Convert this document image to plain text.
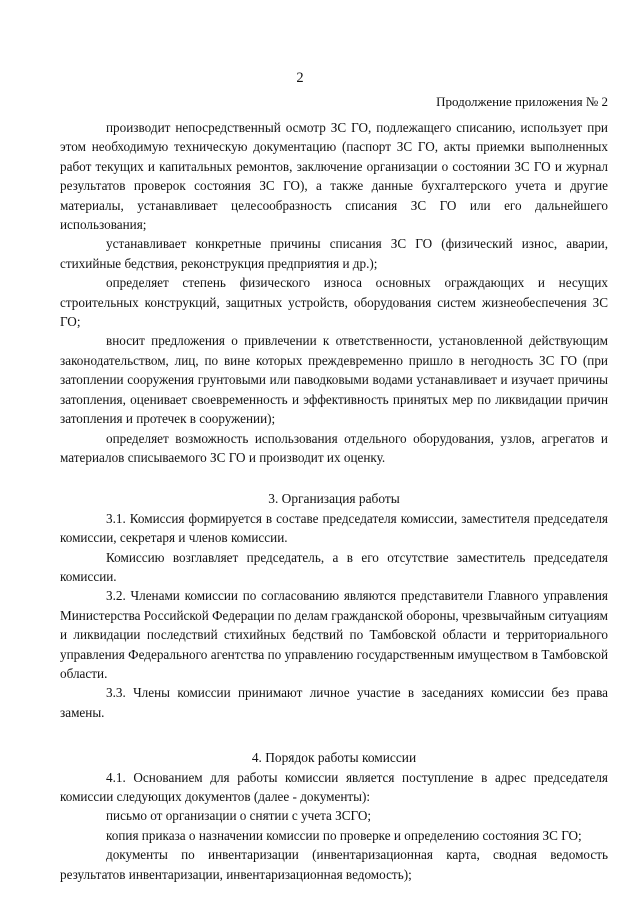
2
Продолжение приложения № 2

производит непосредственный осмотр ЗС ГО, подлежащего списанию, использует при этом необходимую техническую документацию (паспорт ЗС ГО, акты приемки выполненных работ текущих и капитальных ремонтов, заключение организации о состоянии ЗС ГО и журнал результатов проверок состояния ЗС ГО), а также данные бухгалтерского учета и другие материалы, устанавливает целесообразность списания ЗС ГО или его дальнейшего использования;

устанавливает конкретные причины списания ЗС ГО (физический износ, аварии, стихийные бедствия, реконструкция предприятия и др.);

определяет степень физического износа основных ограждающих и несущих строительных конструкций, защитных устройств, оборудования систем жизнеобеспечения ЗС ГО;

вносит предложения о привлечении к ответственности, установленной действующим законодательством, лиц, по вине которых преждевременно пришло в негодность ЗС ГО (при затоплении сооружения грунтовыми или паводковыми водами устанавливает и изучает причины затопления, оценивает своевременность и эффективность принятых мер по ликвидации причин затопления и протечек в сооружении);

определяет возможность использования отдельного оборудования, узлов, агрегатов и материалов списываемого ЗС ГО и производит их оценку.

3. Организация работы

3.1. Комиссия формируется в составе председателя комиссии, заместителя председателя комиссии, секретаря и членов комиссии.

Комиссию возглавляет председатель, а в его отсутствие заместитель председателя комиссии.

3.2. Членами комиссии по согласованию являются представители Главного управления Министерства Российской Федерации по делам гражданской обороны, чрезвычайным ситуациям и ликвидации последствий стихийных бедствий по Тамбовской области и территориального управления Федерального агентства по управлению государственным имуществом в Тамбовской области.

3.3. Члены комиссии принимают личное участие в заседаниях комиссии без права замены.

4. Порядок работы комиссии

4.1. Основанием для работы комиссии является поступление в адрес председателя комиссии следующих документов (далее - документы):

письмо от организации о снятии с учета ЗСГО;

копия приказа о назначении комиссии по проверке и определению состояния ЗС ГО;

документы по инвентаризации (инвентаризационная карта, сводная ведомость результатов инвентаризации, инвентаризационная ведомость);
